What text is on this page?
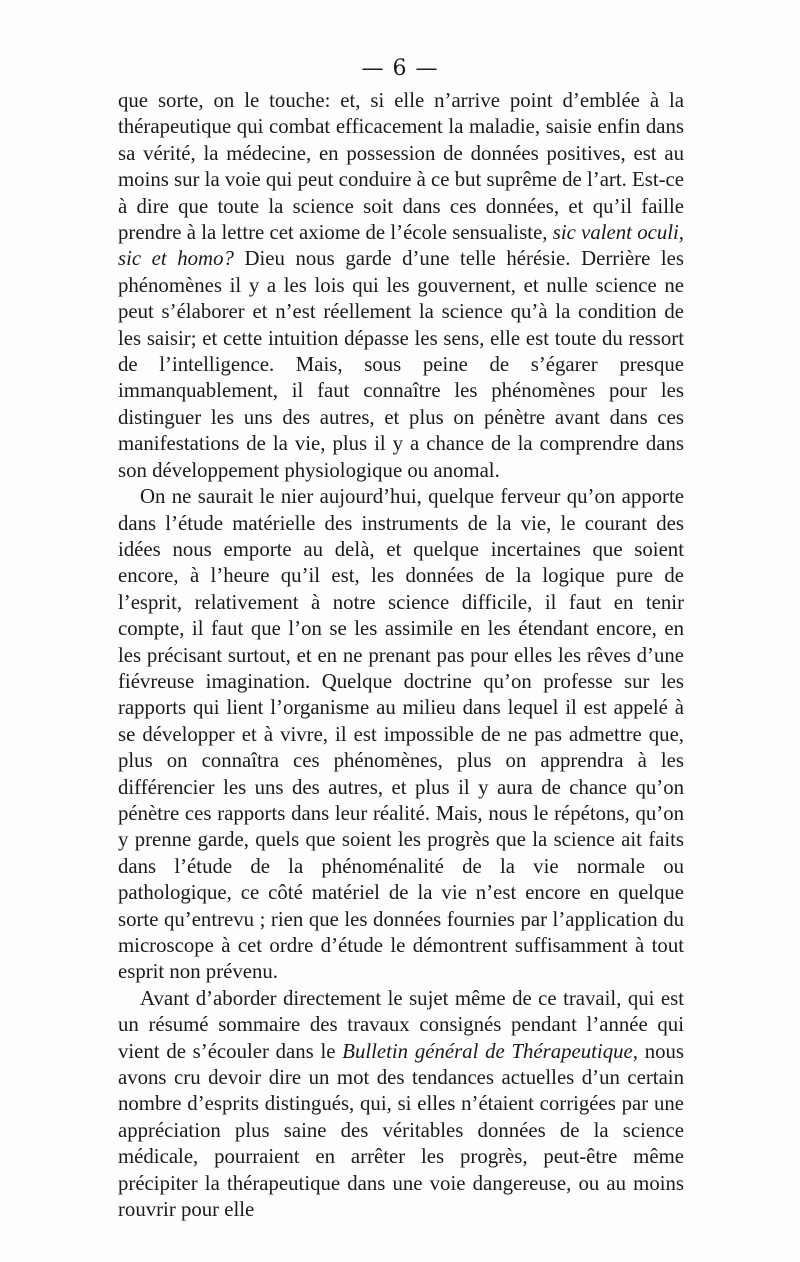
— 6 —

que sorte, on le touche: et, si elle n’arrive point d’emblée à la thérapeutique qui combat efficacement la maladie, saisie enfin dans sa vérité, la médecine, en possession de données positives, est au moins sur la voie qui peut conduire à ce but suprême de l’art. Est-ce à dire que toute la science soit dans ces données, et qu’il faille prendre à la lettre cet axiome de l’école sensualiste, sic valent oculi, sic et homo? Dieu nous garde d’une telle hérésie. Derrière les phénomènes il y a les lois qui les gouvernent, et nulle science ne peut s’élaborer et n’est réellement la science qu’à la condition de les saisir; et cette intuition dépasse les sens, elle est toute du ressort de l’intelligence. Mais, sous peine de s’égarer presque immanquablement, il faut connaître les phénomènes pour les distinguer les uns des autres, et plus on pénètre avant dans ces manifestations de la vie, plus il y a chance de la comprendre dans son développement physiologique ou anomal.

On ne saurait le nier aujourd’hui, quelque ferveur qu’on apporte dans l’étude matérielle des instruments de la vie, le courant des idées nous emporte au delà, et quelque incertaines que soient encore, à l’heure qu’il est, les données de la logique pure de l’esprit, relativement à notre science difficile, il faut en tenir compte, il faut que l’on se les assimile en les étendant encore, en les précisant surtout, et en ne prenant pas pour elles les rêves d’une fiévreuse imagination. Quelque doctrine qu’on professe sur les rapports qui lient l’organisme au milieu dans lequel il est appelé à se développer et à vivre, il est impossible de ne pas admettre que, plus on connaîtra ces phénomènes, plus on apprendra à les différencier les uns des autres, et plus il y aura de chance qu’on pénètre ces rapports dans leur réalité. Mais, nous le répétons, qu’on y prenne garde, quels que soient les progrès que la science ait faits dans l’étude de la phénoménalité de la vie normale ou pathologique, ce côté matériel de la vie n’est encore en quelque sorte qu’entrevu ; rien que les données fournies par l’application du microscope à cet ordre d’étude le démontrent suffisamment à tout esprit non prévenu.

Avant d’aborder directement le sujet même de ce travail, qui est un résumé sommaire des travaux consignés pendant l’année qui vient de s’écouler dans le Bulletin général de Thérapeutique, nous avons cru devoir dire un mot des tendances actuelles d’un certain nombre d’esprits distingués, qui, si elles n’étaient corrigées par une appréciation plus saine des véritables données de la science médicale, pourraient en arrêter les progrès, peut-être même précipiter la thérapeutique dans une voie dangereuse, ou au moins rouvrir pour elle
